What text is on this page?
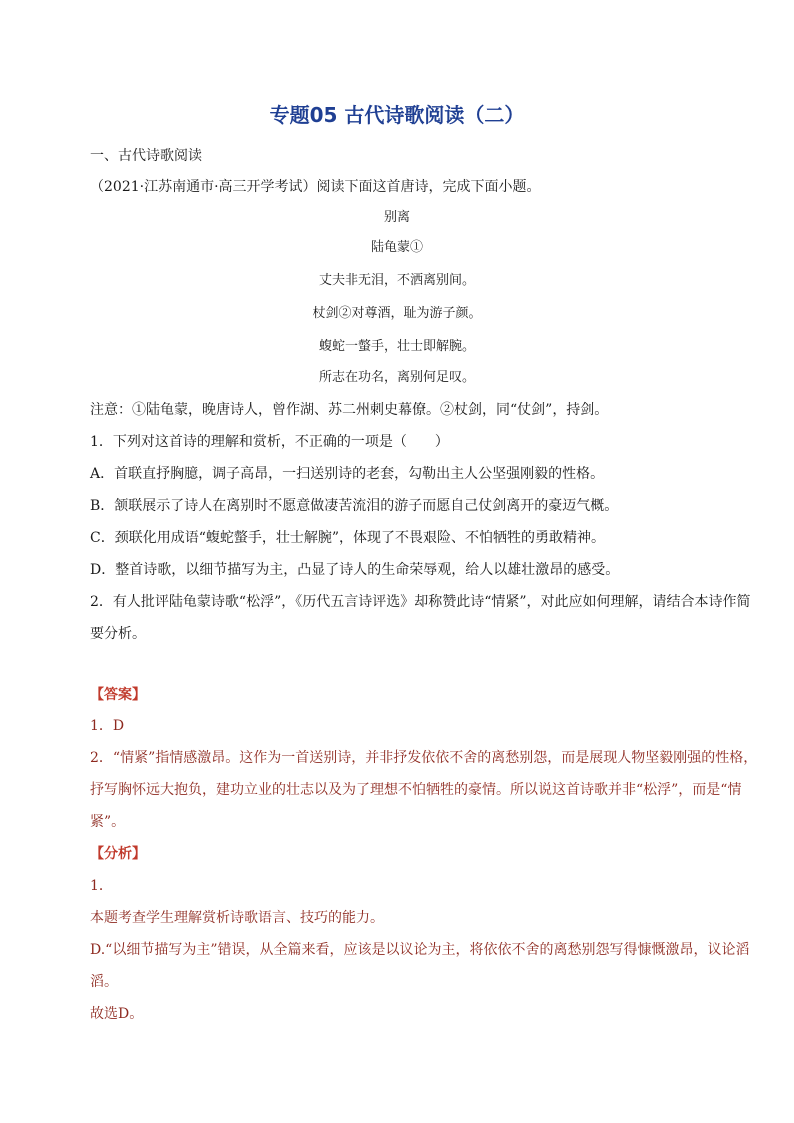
专题05 古代诗歌阅读（二）
一、古代诗歌阅读
（2021·江苏南通市·高三开学考试）阅读下面这首唐诗，完成下面小题。
别离
陆龟蒙①
丈夫非无泪，不洒离别间。
杖剑②对尊酒，耻为游子颜。
蝮蛇一螫手，壮士即解腕。
所志在功名，离别何足叹。
注意：①陆龟蒙，晚唐诗人，曾作湖、苏二州刺史幕僚。②杖剑，同“仗剑”，持剑。
1．下列对这首诗的理解和赏析，不正确的一项是（　　）
A．首联直抒胸臆，调子高昂，一扫送别诗的老套，勾勒出主人公坚强刚毅的性格。
B．颔联展示了诗人在离别时不愿意做凄苦流泪的游子而愿自己仗剑离开的豪迈气概。
C．颈联化用成语“蝮蛇螫手，壮士解腕”，体现了不畏艰险、不怕牺牲的勇敢精神。
D．整首诗歌，以细节描写为主，凸显了诗人的生命荣辱观，给人以雄壮激昂的感受。
2．有人批评陆龟蒙诗歌“松浮”，《历代五言诗评选》却称赞此诗“情紧”，对此应如何理解，请结合本诗作简
要分析。
【答案】
1．D
2．“情紧”指情感激昂。这作为一首送别诗，并非抒发依依不舍的离愁别怨，而是展现人物坚毅刚强的性格，
抒写胸怀远大抱负，建功立业的壮志以及为了理想不怕牺牲的豪情。所以说这首诗歌并非“松浮”，而是“情
紧”。
【分析】
1．
本题考查学生理解赏析诗歌语言、技巧的能力。
D.“以细节描写为主”错误，从全篇来看，应该是以议论为主，将依依不舍的离愁别怨写得慷慨激昂，议论滔
滔。
故选D。
